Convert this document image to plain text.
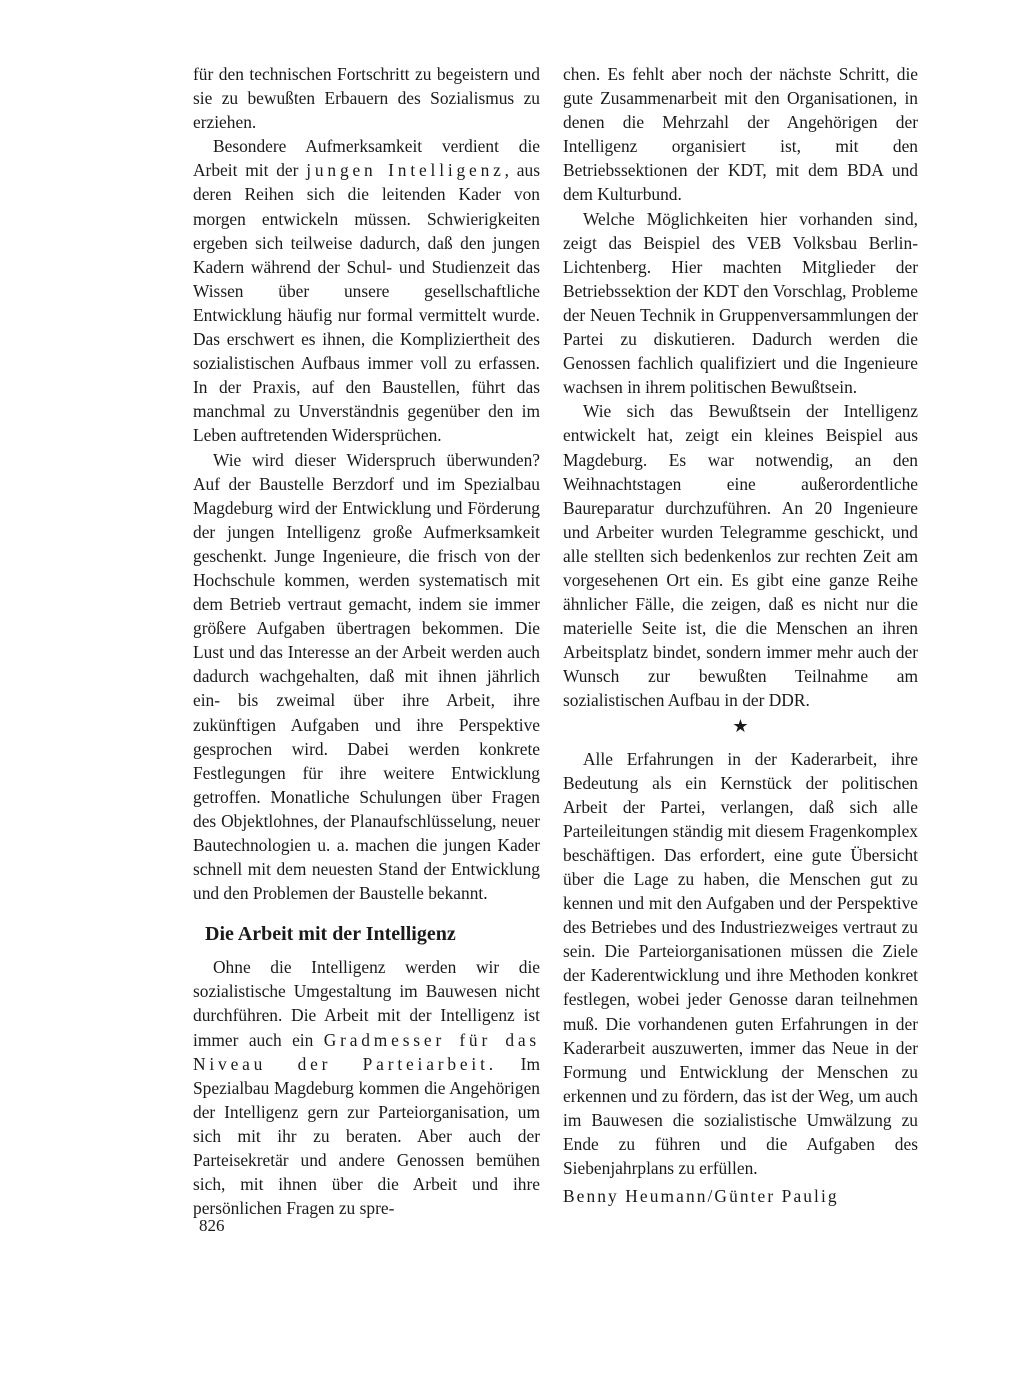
für den technischen Fortschritt zu begeistern und sie zu bewußten Erbauern des Sozialismus zu erziehen.

Besondere Aufmerksamkeit verdient die Arbeit mit der jungen Intelligenz, aus deren Reihen sich die leitenden Kader von morgen entwickeln müssen. Schwierigkeiten ergeben sich teilweise dadurch, daß den jungen Kadern während der Schul- und Studienzeit das Wissen über unsere gesellschaftliche Entwicklung häufig nur formal vermittelt wurde. Das erschwert es ihnen, die Kompliziertheit des sozialistischen Aufbaus immer voll zu erfassen. In der Praxis, auf den Baustellen, führt das manchmal zu Unverständnis gegenüber den im Leben auftretenden Widersprüchen.

Wie wird dieser Widerspruch überwunden? Auf der Baustelle Berzdorf und im Spezialbau Magdeburg wird der Entwicklung und Förderung der jungen Intelligenz große Aufmerksamkeit geschenkt. Junge Ingenieure, die frisch von der Hochschule kommen, werden systematisch mit dem Betrieb vertraut gemacht, indem sie immer größere Aufgaben übertragen bekommen. Die Lust und das Interesse an der Arbeit werden auch dadurch wachgehalten, daß mit ihnen jährlich ein- bis zweimal über ihre Arbeit, ihre zukünftigen Aufgaben und ihre Perspektive gesprochen wird. Dabei werden konkrete Festlegungen für ihre weitere Entwicklung getroffen. Monatliche Schulungen über Fragen des Objektlohnes, der Planaufschlüsselung, neuer Bautechnologien u. a. machen die jungen Kader schnell mit dem neuesten Stand der Entwicklung und den Problemen der Baustelle bekannt.

Die Arbeit mit der Intelligenz

Ohne die Intelligenz werden wir die sozialistische Umgestaltung im Bauwesen nicht durchführen. Die Arbeit mit der Intelligenz ist immer auch ein Gradmesser für das Niveau der Parteiarbeit. Im Spezialbau Magdeburg kommen die Angehörigen der Intelligenz gern zur Parteiorganisation, um sich mit ihr zu beraten. Aber auch der Parteisekretär und andere Genossen bemühen sich, mit ihnen über die Arbeit und ihre persönlichen Fragen zu spre-

chen. Es fehlt aber noch der nächste Schritt, die gute Zusammenarbeit mit den Organisationen, in denen die Mehrzahl der Angehörigen der Intelligenz organisiert ist, mit den Betriebssektionen der KDT, mit dem BDA und dem Kulturbund.

Welche Möglichkeiten hier vorhanden sind, zeigt das Beispiel des VEB Volksbau Berlin-Lichtenberg. Hier machten Mitglieder der Betriebssektion der KDT den Vorschlag, Probleme der Neuen Technik in Gruppenversammlungen der Partei zu diskutieren. Dadurch werden die Genossen fachlich qualifiziert und die Ingenieure wachsen in ihrem politischen Bewußtsein.

Wie sich das Bewußtsein der Intelligenz entwickelt hat, zeigt ein kleines Beispiel aus Magdeburg. Es war notwendig, an den Weihnachtstagen eine außerordentliche Baureparatur durchzuführen. An 20 Ingenieure und Arbeiter wurden Telegramme geschickt, und alle stellten sich bedenkenlos zur rechten Zeit am vorgesehenen Ort ein. Es gibt eine ganze Reihe ähnlicher Fälle, die zeigen, daß es nicht nur die materielle Seite ist, die die Menschen an ihren Arbeitsplatz bindet, sondern immer mehr auch der Wunsch zur bewußten Teilnahme am sozialistischen Aufbau in der DDR.

★

Alle Erfahrungen in der Kaderarbeit, ihre Bedeutung als ein Kernstück der politischen Arbeit der Partei, verlangen, daß sich alle Parteileitungen ständig mit diesem Fragenkomplex beschäftigen. Das erfordert, eine gute Übersicht über die Lage zu haben, die Menschen gut zu kennen und mit den Aufgaben und der Perspektive des Betriebes und des Industriezweiges vertraut zu sein. Die Parteiorganisationen müssen die Ziele der Kaderentwicklung und ihre Methoden konkret festlegen, wobei jeder Genosse daran teilnehmen muß. Die vorhandenen guten Erfahrungen in der Kaderarbeit auszuwerten, immer das Neue in der Formung und Entwicklung der Menschen zu erkennen und zu fördern, das ist der Weg, um auch im Bauwesen die sozialistische Umwälzung zu Ende zu führen und die Aufgaben des Siebenjahrplans zu erfüllen.

Benny Heumann/Günter Paulig

826
